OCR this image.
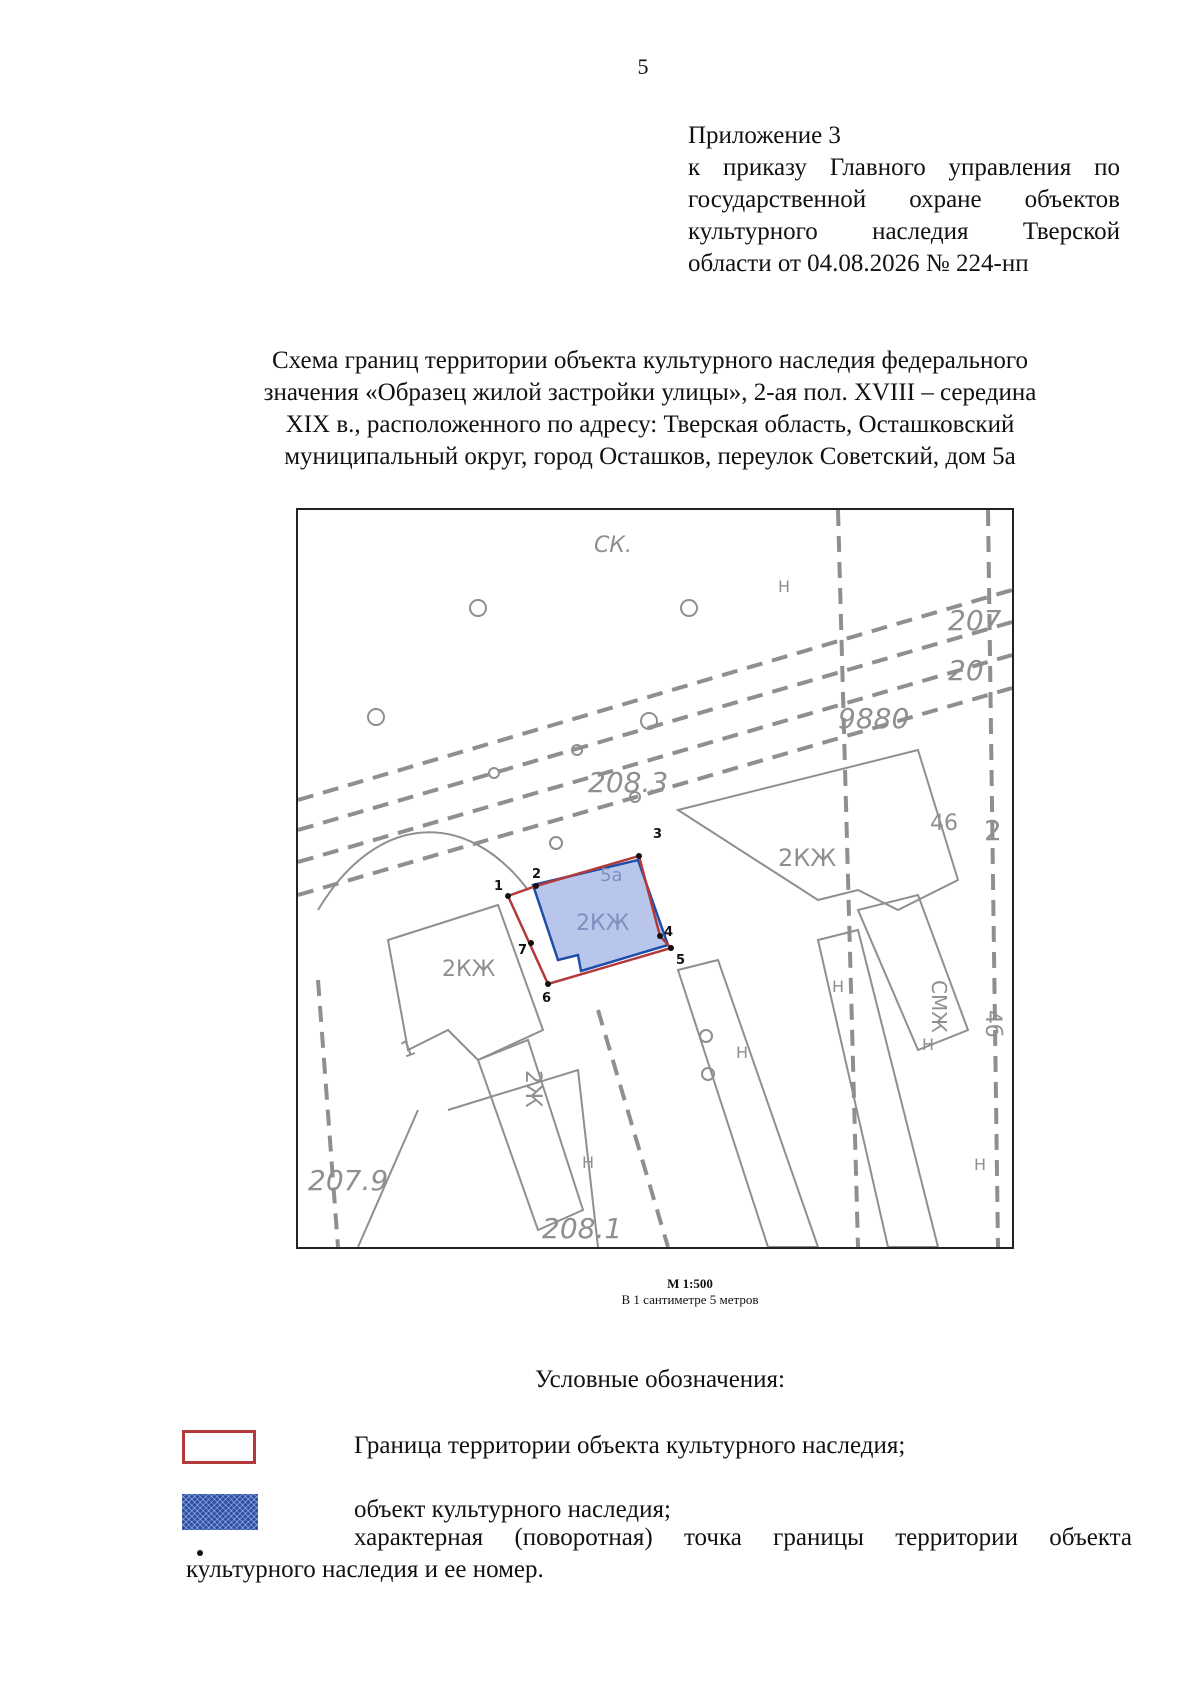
5
Приложение 3
к приказу Главного управления по
государственной охране объектов
культурного наследия Тверской
области от 04.08.2026 № 224-нп
Схема границ территории объекта культурного наследия федерального
значения «Образец жилой застройки улицы», 2-ая пол. XVIII – середина
XIX в., расположенного по адресу: Тверская область, Осташковский
муниципальный округ, город Осташков, переулок Советский, дом 5а
СК.
207
20
9880
208.3
46 2
2КЖ
2КЖ
СМЖ 4б
2Ж
1
207.9
208.1
Н
Н
Н
Н
Н	Н
5а
2КЖ
1
2
3
4
5
6
7
М 1:500
В 1 сантиметре 5 метров
Условные обозначения:
Граница территории объекта культурного наследия;
объект культурного наследия;
характерная (поворотная) точка границы территории объекта культурного наследия и ее номер.
